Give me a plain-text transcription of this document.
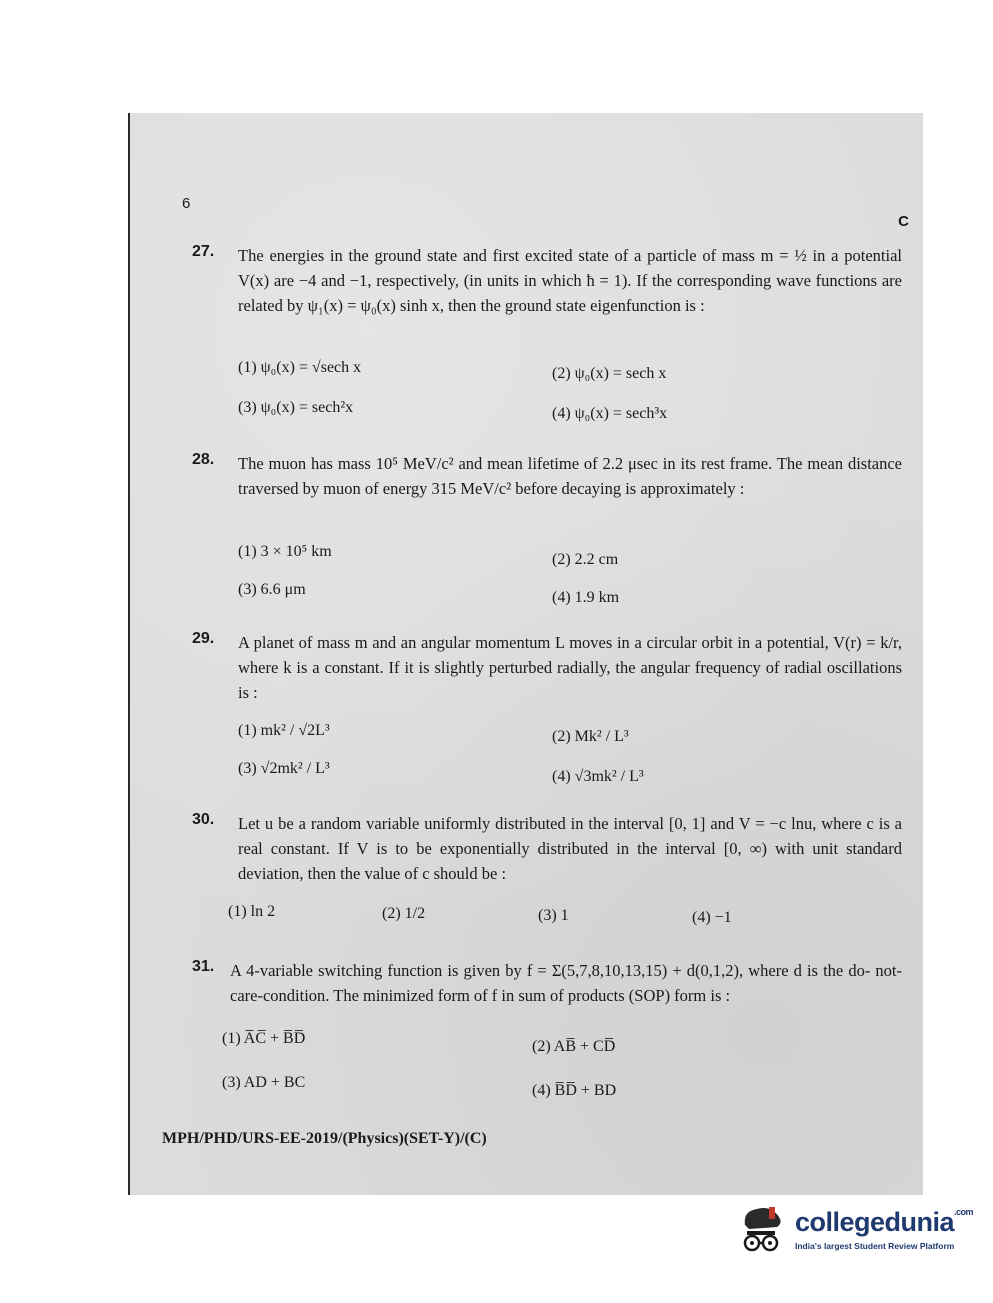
6
C
27. The energies in the ground state and first excited state of a particle of mass m = ½ in a potential V(x) are −4 and −1, respectively, (in units in which ħ = 1). If the corresponding wave functions are related by ψ₁(x) = ψ₀(x) sinh x, then the ground state eigenfunction is :
(1) ψ₀(x) = √sech x	(2) ψ₀(x) = sech x
(3) ψ₀(x) = sech²x	(4) ψ₀(x) = sech³x
28. The muon has mass 10⁵ MeV/c² and mean lifetime of 2.2 μsec in its rest frame. The mean distance traversed by muon of energy 315 MeV/c² before decaying is approximately :
(1) 3 × 10⁵ km	(2) 2.2 cm
(3) 6.6 μm	(4) 1.9 km
29. A planet of mass m and an angular momentum L moves in a circular orbit in a potential, V(r) = k/r, where k is a constant. If it is slightly perturbed radially, the angular frequency of radial oscillations is :
(1) mk² / √2L³	(2) Mk² / L³
(3) √2mk² / L³	(4) √3mk² / L³
30. Let u be a random variable uniformly distributed in the interval [0, 1] and V = −c lnu, where c is a real constant. If V is to be exponentially distributed in the interval [0, ∞) with unit standard deviation, then the value of c should be :
(1) ln 2	(2) 1/2	(3) 1	(4) −1
31. A 4-variable switching function is given by f = Σ(5,7,8,10,13,15) + d(0,1,2), where d is the do- not-care-condition. The minimized form of f in sum of products (SOP) form is :
(1) A̅C̅ + B̅D̅	(2) AB̅ + CD̅
(3) AD + BC	(4) B̅D̅ + BD
MPH/PHD/URS-EE-2019/(Physics)(SET-Y)/(C)
collegedunia$^{.com}$
India's largest Student Review Platform
